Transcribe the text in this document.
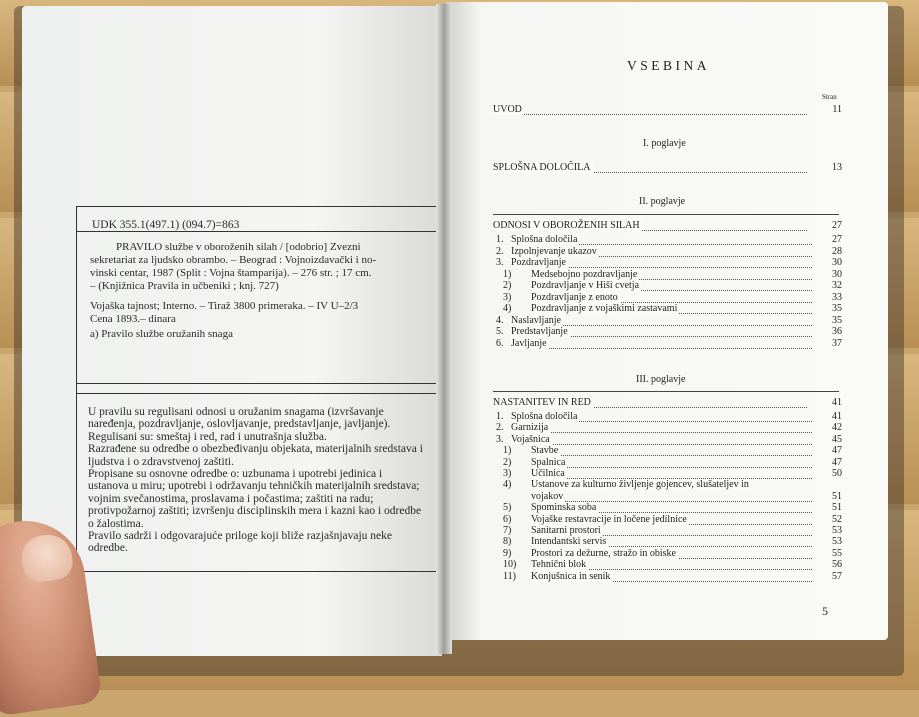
UDK 355.1(497.1) (094.7)=863
PRAVILO službe v oboroženih silah / [odobrio] Zvezni
sekretariat za ljudsko obrambo. – Beograd : Vojnoizdavački i no-
vinski centar, 1987 (Split : Vojna štamparija). – 276 str. ; 17 cm.
– (Knjižnica Pravila in učbeniki ; knj. 727)
Vojaška tajnost; Interno. – Tiraž 3800 primeraka. – IV U–2/3
Cena 1893.– dinara
a) Pravilo službe oružanih snaga

U pravilu su regulisani odnosi u oružanim snagama (izvršavanje naređenja, pozdravljanje, oslovljavanje, predstavljanje, javljanje). Regulisani su: smeštaj i red, rad i unutrašnja služba.

Razrađene su odredbe o obezbeđivanju objekata, materijalnih sredstava i ljudstva i o zdravstvenoj zaštiti.

Propisane su osnovne odredbe o: uzbunama i upotrebi jedinica i ustanova u miru; upotrebi i održavanju tehničkih materijalnih sredstava; vojnim svečanostima, proslavama i počastima; zaštiti na radu; protivpožarnoj zaštiti; izvršenju disciplinskih mera i kazni kao i odredbe o žalostima.

Pravilo sadrži i odgovarajuće priloge koji bliže razjašnjavaju neke odredbe.

VSEBINA
Stran
UVOD	11
I. poglavje
SPLOŠNA DOLOČILA	13
II. poglavje
ODNOSI V OBOROŽENIH SILAH	27
1. Splošna določila	27
2. Izpolnjevanje ukazov	28
3. Pozdravljanje	30
1) Medsebojno pozdravljanje	30
2) Pozdravljanje v Hiši cvetja	32
3) Pozdravljanje z enoto	33
4) Pozdravljanje z vojaškimi zastavami	35
4. Naslavljanje	35
5. Predstavljanje	36
6. Javljanje	37
III. poglavje
NASTANITEV IN RED	41
1. Splošna določila	41
2. Garnizija	42
3. Vojašnica	45
1) Stavbe	47
2) Spalnica	47
3) Učilnica	50
4) Ustanove za kulturno življenje gojencev, slušateljev in
vojakov	51
5) Spominska soba	51
6) Vojaške restavracije in ločene jedilnice	52
7) Sanitarni prostori	53
8) Intendantski servis	53
9) Prostori za dežurne, stražo in obiske	55
10) Tehnični blok	56
11) Konjušnica in senik	57
5
